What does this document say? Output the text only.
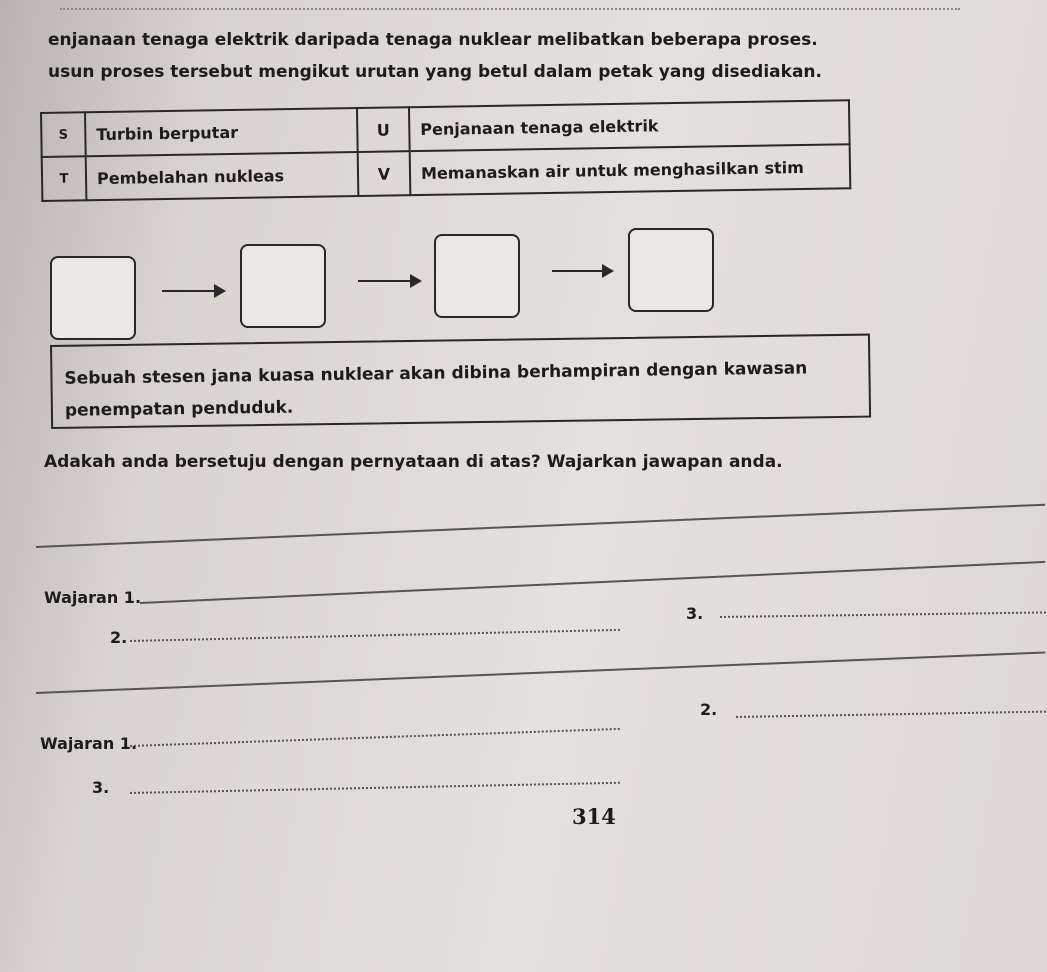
enjanaan tenaga elektrik daripada tenaga nuklear melibatkan beberapa proses.
usun proses tersebut mengikut urutan yang betul dalam petak yang disediakan.
S	Turbin berputar	U	Penjanaan tenaga elektrik
T	Pembelahan nukleas	V	Memanaskan air untuk menghasilkan stim
Sebuah stesen jana kuasa nuklear akan dibina berhampiran dengan kawasan
penempatan penduduk.
Adakah anda bersetuju dengan pernyataan di atas? Wajarkan jawapan anda.
Wajaran 1.
2.
3.
Wajaran 1.
2.
3.
314
